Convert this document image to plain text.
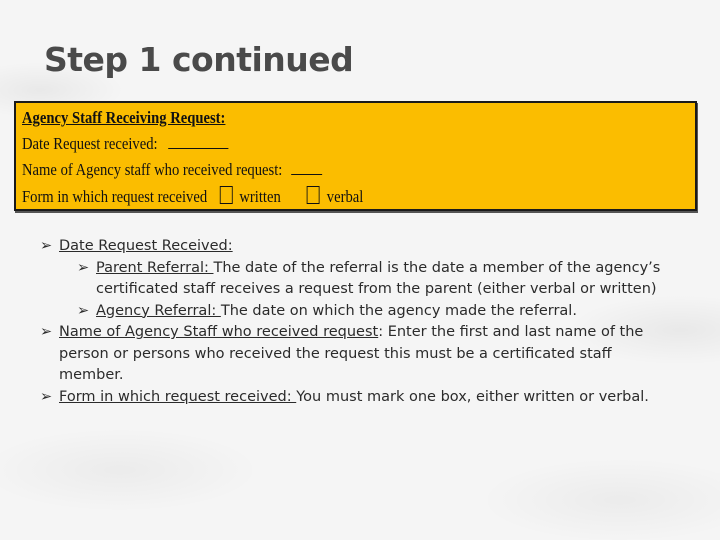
Step 1 continued
Agency Staff Receiving Request:
Date Request received:
Name of Agency staff who received request:
Form in which request received written	verbal
➢ Date Request Received:
➢ Parent Referral: The date of the referral is the date a member of the agency’s certificated staff receives a request from the parent (either verbal or written)
➢ Agency Referral: The date on which the agency made the referral.
➢ Name of Agency Staff who received request: Enter the first and last name of the person or persons who received the request this must be a certificated staff member.
➢ Form in which request received: You must mark one box, either written or verbal.
